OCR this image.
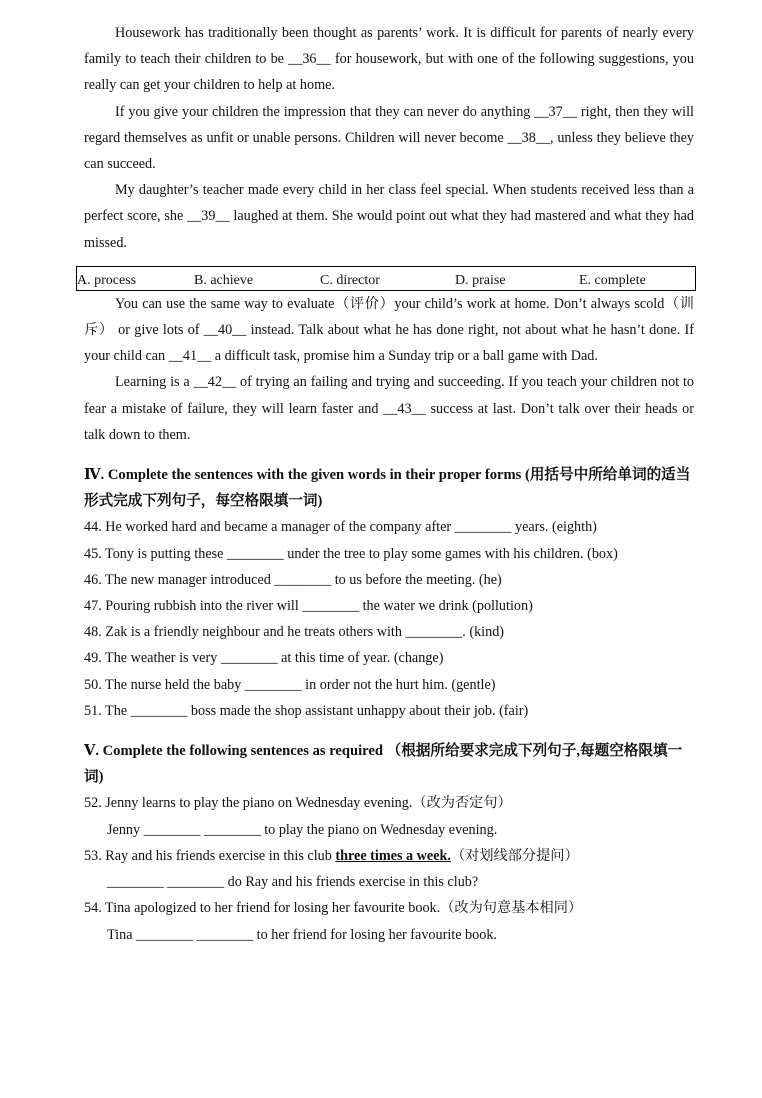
Housework has traditionally been thought as parents’ work. It is difficult for parents of nearly every family to teach their children to be __36__ for housework, but with one of the following suggestions, you really can get your children to help at home.

If you give your children the impression that they can never do anything __37__ right, then they will regard themselves as unfit or unable persons. Children will never become __38__, unless they believe they can succeed.

My daughter’s teacher made every child in her class feel special. When students received less than a perfect score, she __39__ laughed at them. She would point out what they had mastered and what they had missed.

A. process	B. achieve	C. director	D. praise	E. complete

You can use the same way to evaluate（评价）your child’s work at home. Don’t always scold（训斥） or give lots of __40__ instead. Talk about what he has done right, not about what he hasn’t done. If your child can __41__ a difficult task, promise him a Sunday trip or a ball game with Dad.

Learning is a __42__ of trying an failing and trying and succeeding. If you teach your children not to fear a mistake of failure, they will learn faster and __43__ success at last. Don’t talk over their heads or talk down to them.

Ⅳ. Complete the sentences with the given words in their proper forms (用括号中所给单词的适当形式完成下列句子，每空格限填一词)

44. He worked hard and became a manager of the company after ________ years. (eighth)

45. Tony is putting these ________ under the tree to play some games with his children. (box)

46. The new manager introduced ________ to us before the meeting. (he)

47. Pouring rubbish into the river will ________ the water we drink (pollution)

48. Zak is a friendly neighbour and he treats others with ________. (kind)

49. The weather is very ________ at this time of year. (change)

50. The nurse held the baby ________ in order not the hurt him. (gentle)

51. The ________ boss made the shop assistant unhappy about their job. (fair)

Ⅴ. Complete the following sentences as required （根据所给要求完成下列句子,每题空格限填一词)

52. Jenny learns to play the piano on Wednesday evening.（改为否定句）

Jenny ________ ________ to play the piano on Wednesday evening.

53. Ray and his friends exercise in this club three times a week.（对划线部分提问）

________ ________ do Ray and his friends exercise in this club?

54. Tina apologized to her friend for losing her favourite book.（改为句意基本相同）

Tina ________ ________ to her friend for losing her favourite book.
